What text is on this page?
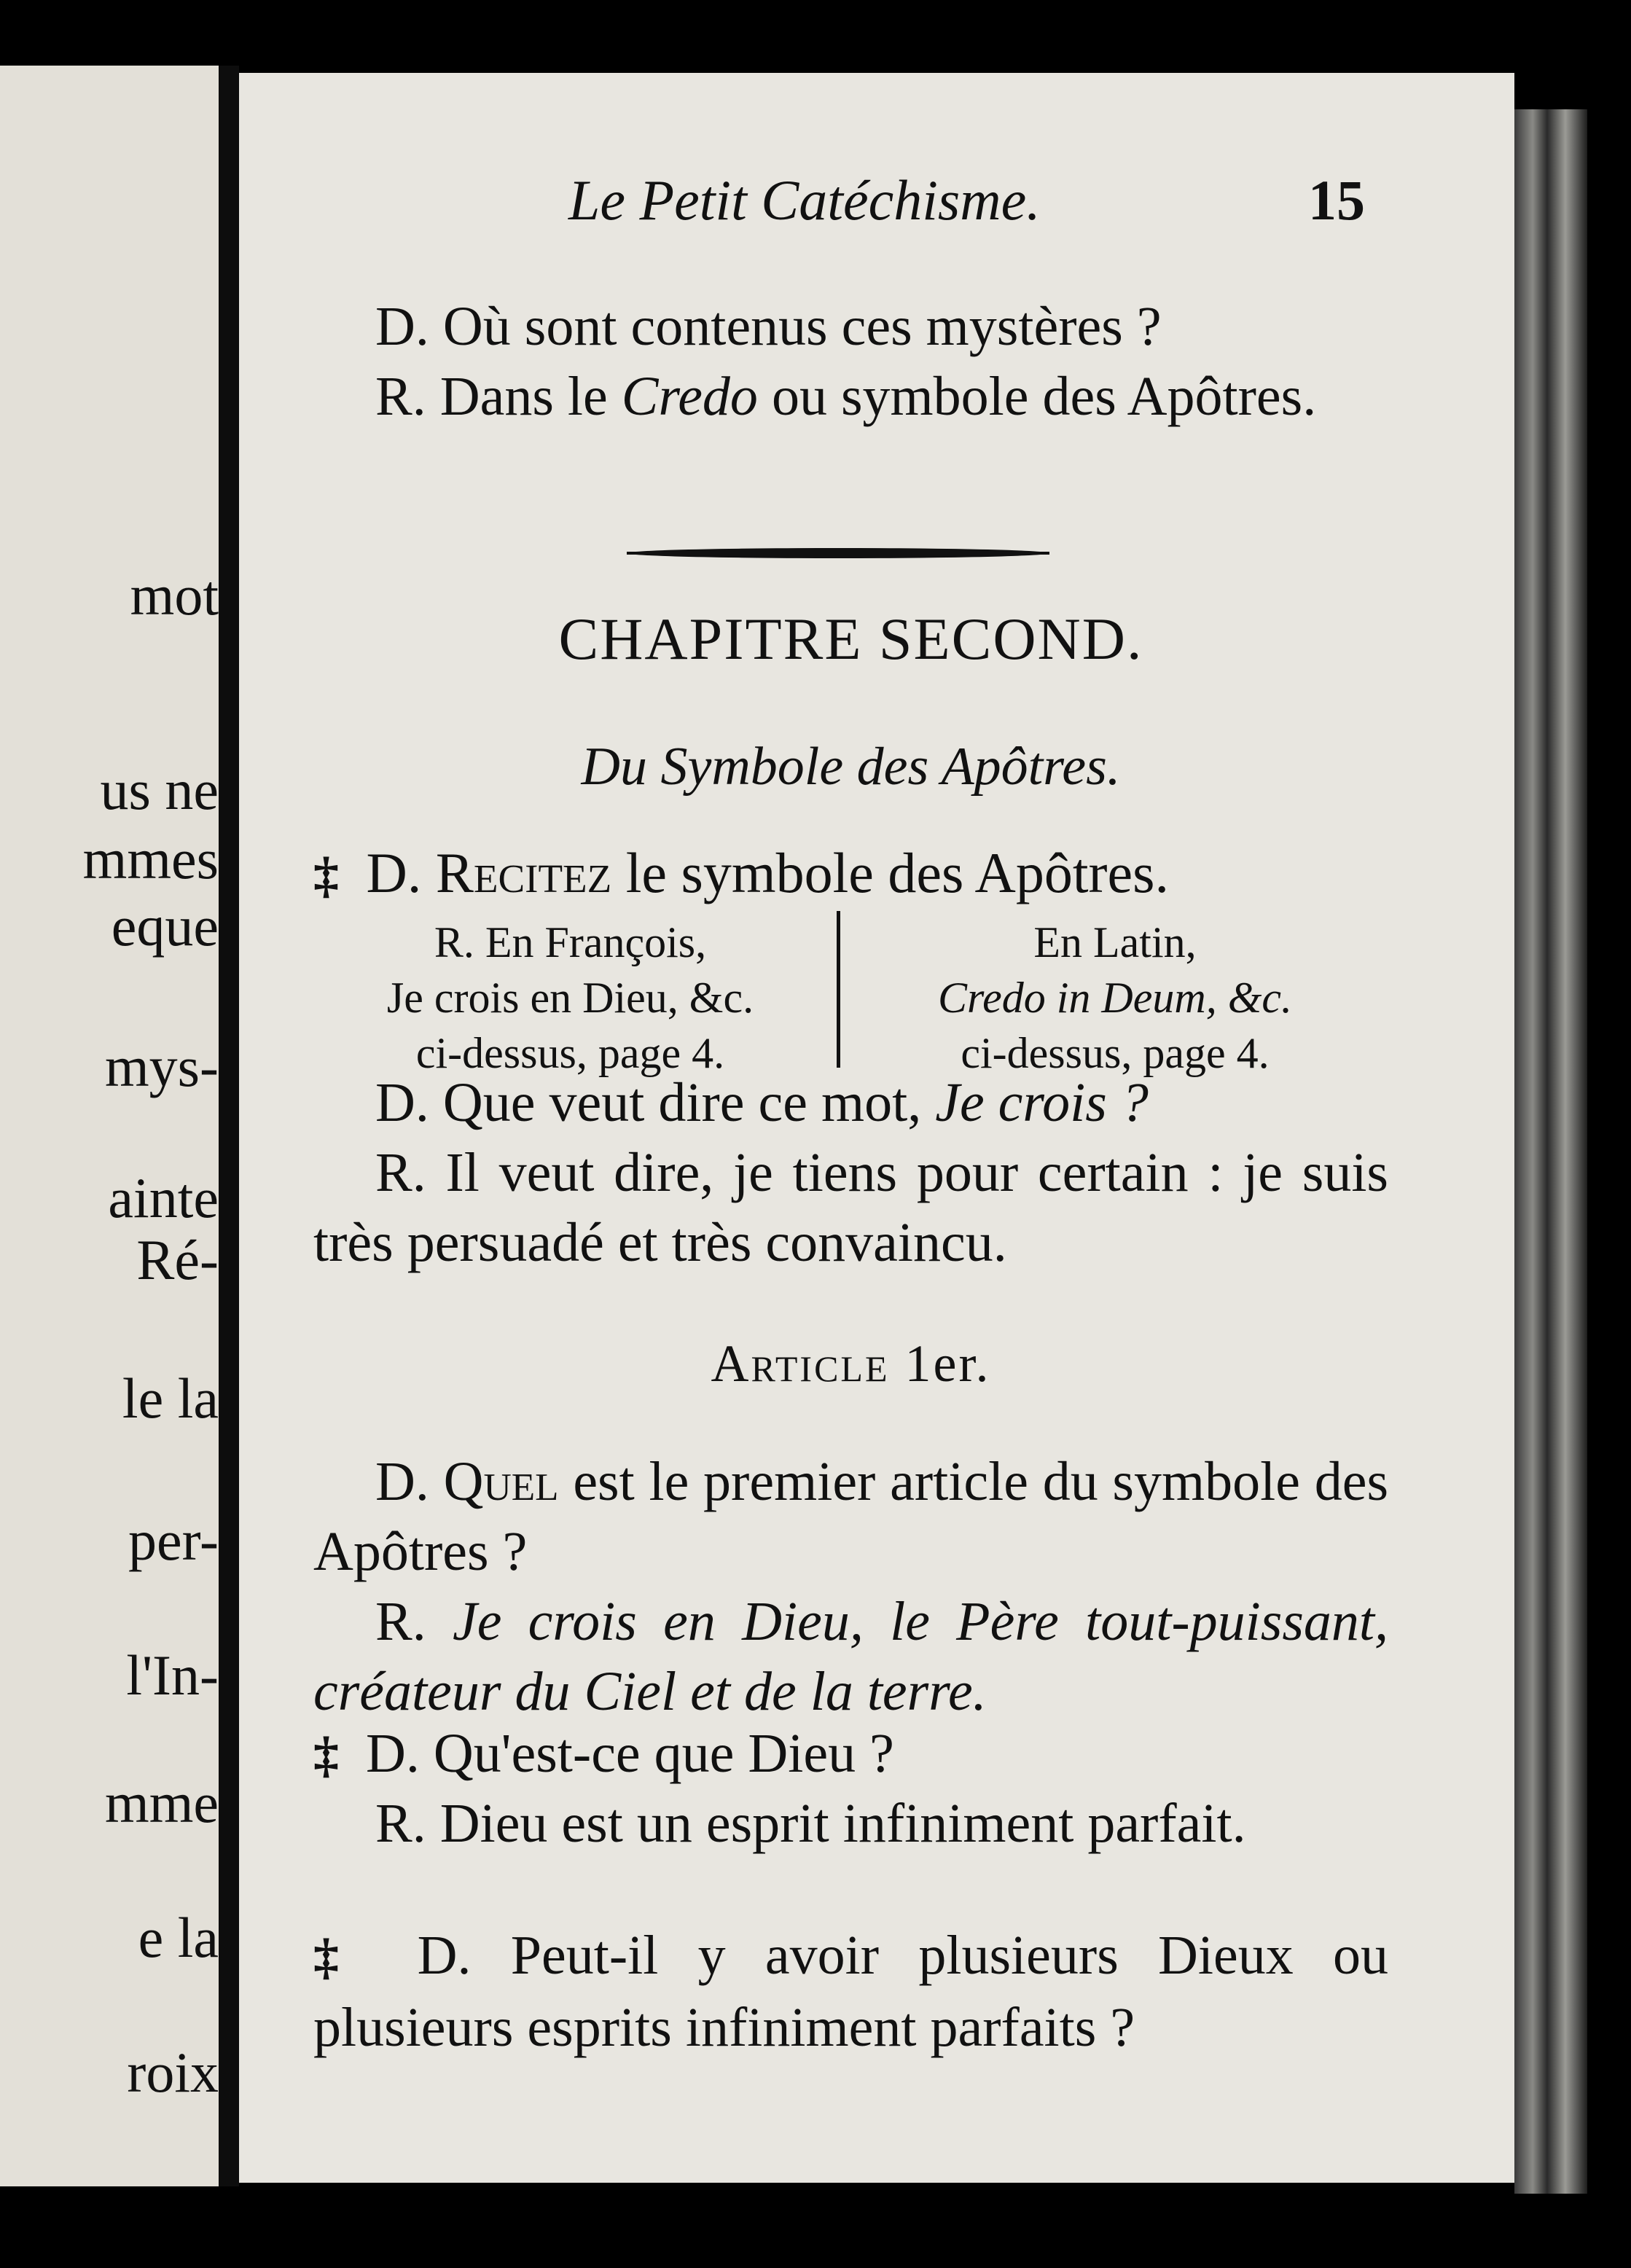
mot
us ne
mmes
eque
mys-
ainte
Ré-
le la
per-
l'In-
mme
e la
roix
Le Petit Catéchisme.	15
D. Où sont contenus ces mystères ?
R. Dans le Credo ou symbole des Apôtres.
CHAPITRE SECOND.
Du Symbole des Apôtres.
‡ D. Recitez le symbole des Apôtres.
R. En François,
Je crois en Dieu, &c.
ci-dessus, page 4.
En Latin,
Credo in Deum, &c.
ci-dessus, page 4.
D. Que veut dire ce mot, Je crois ?
R. Il veut dire, je tiens pour certain : je suis très persuadé et très convaincu.
Article 1er.
D. Quel est le premier article du symbole des Apôtres ?
R. Je crois en Dieu, le Père tout-puissant, créateur du Ciel et de la terre.
‡ D. Qu'est-ce que Dieu ?
R. Dieu est un esprit infiniment parfait.
‡ D. Peut-il y avoir plusieurs Dieux ou plusieurs esprits infiniment parfaits ?
